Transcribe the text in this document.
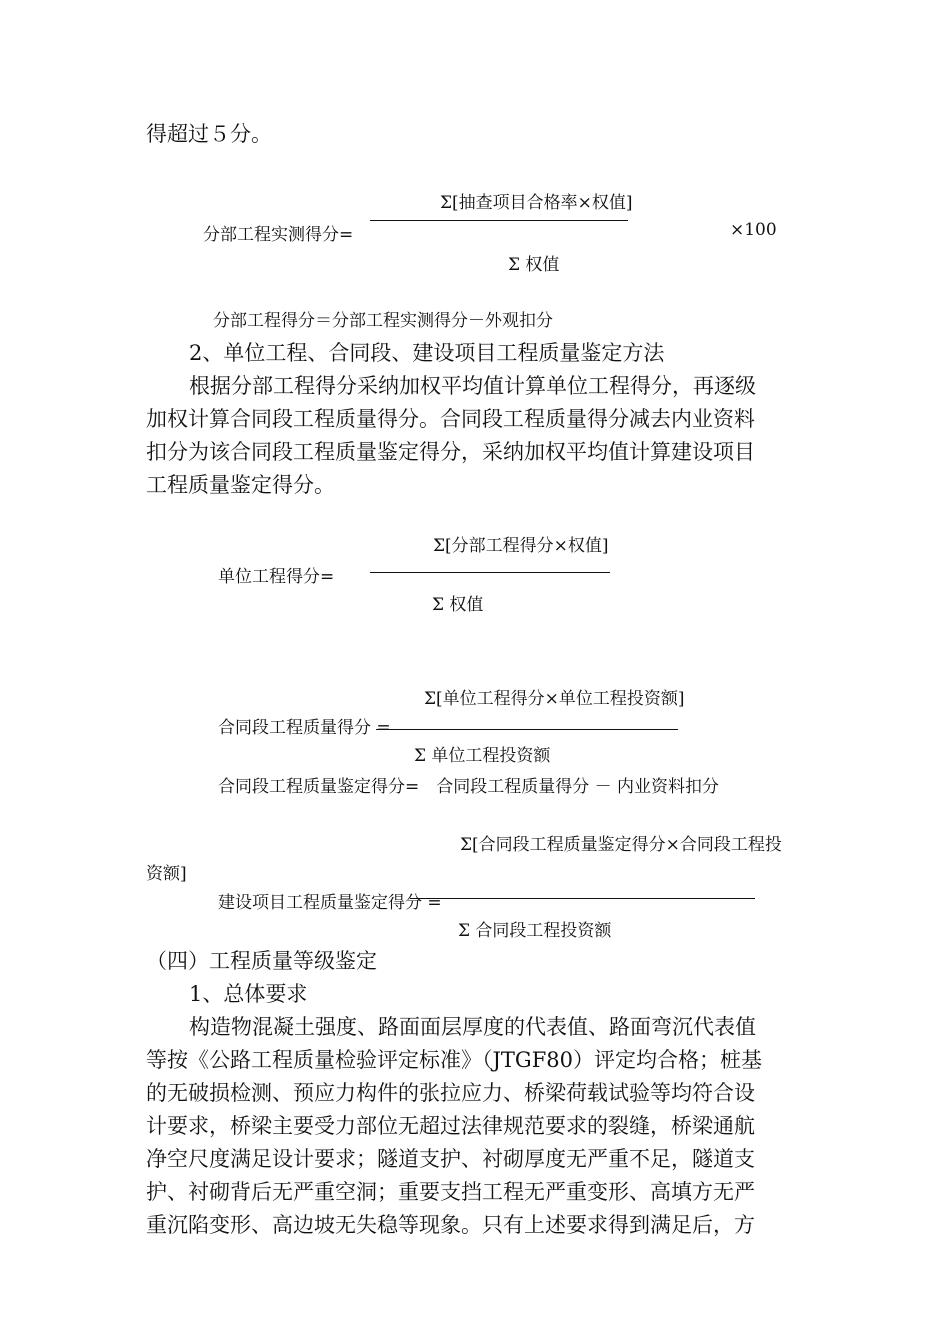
得超过５分。
Σ[抽查项目合格率×权值]
分部工程实测得分=	×100
Σ 权值
分部工程得分＝分部工程实测得分－外观扣分
2、单位工程、合同段、建设项目工程质量鉴定方法
根据分部工程得分采纳加权平均值计算单位工程得分，再逐级
加权计算合同段工程质量得分。合同段工程质量得分减去内业资料
扣分为该合同段工程质量鉴定得分，采纳加权平均值计算建设项目
工程质量鉴定得分。
Σ[分部工程得分×权值]
单位工程得分=
Σ 权值
Σ[单位工程得分×单位工程投资额]
合同段工程质量得分 =
Σ 单位工程投资额
合同段工程质量鉴定得分=　合同段工程质量得分 － 内业资料扣分
Σ[合同段工程质量鉴定得分×合同段工程投
资额]
建设项目工程质量鉴定得分 =
Σ 合同段工程投资额
（四）工程质量等级鉴定
1、总体要求
构造物混凝土强度、路面面层厚度的代表值、路面弯沉代表值
等按《公路工程质量检验评定标准》（JTGF80）评定均合格；桩基
的无破损检测、预应力构件的张拉应力、桥梁荷载试验等均符合设
计要求，桥梁主要受力部位无超过法律规范要求的裂缝，桥梁通航
净空尺度满足设计要求；隧道支护、衬砌厚度无严重不足，隧道支
护、衬砌背后无严重空洞；重要支挡工程无严重变形、高填方无严
重沉陷变形、高边坡无失稳等现象。只有上述要求得到满足后，方
